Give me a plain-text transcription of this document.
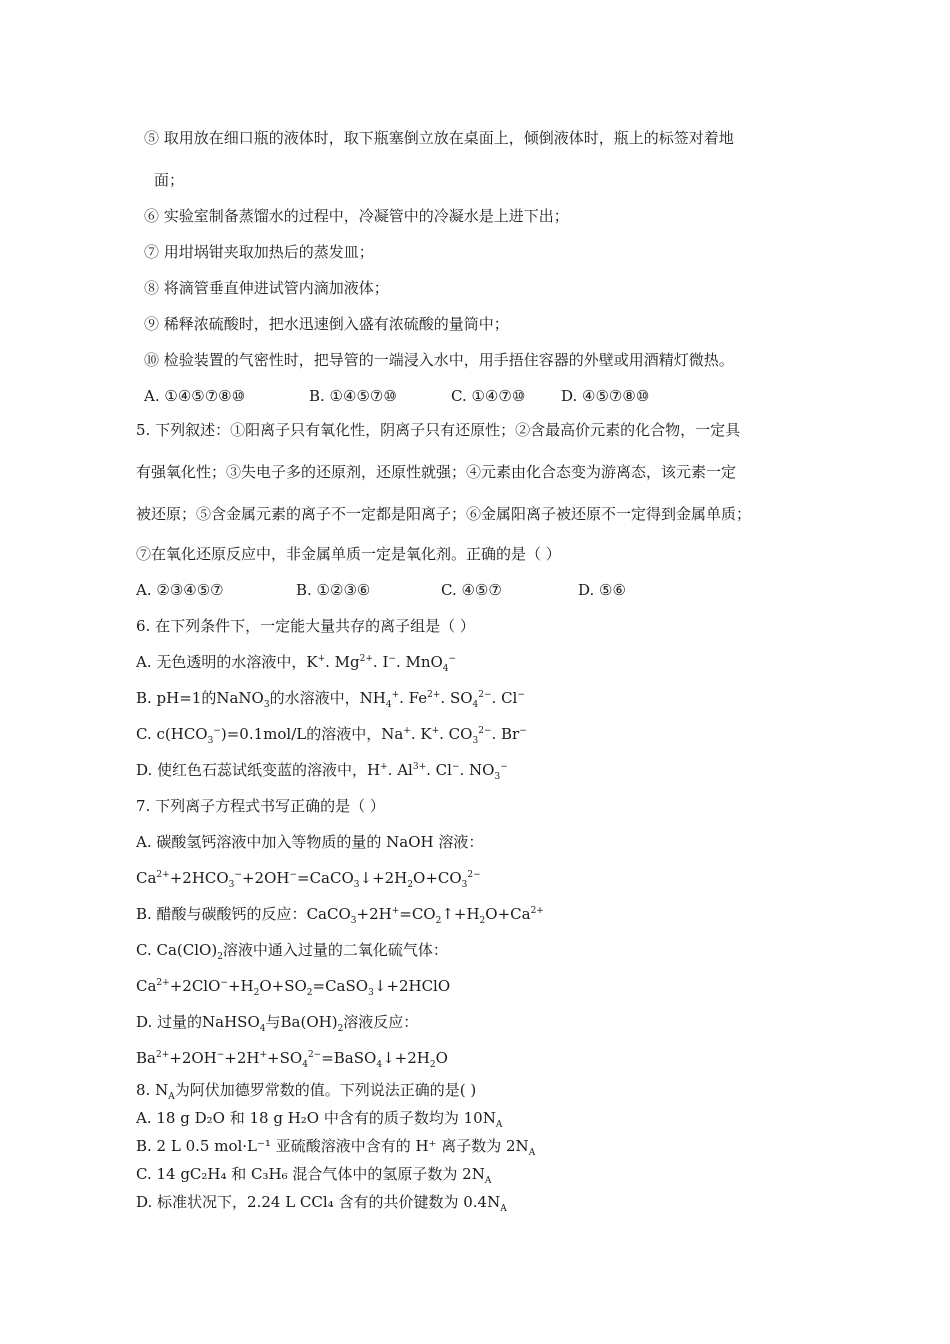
⑤ 取用放在细口瓶的液体时，取下瓶塞倒立放在桌面上，倾倒液体时，瓶上的标签对着地
面；
⑥ 实验室制备蒸馏水的过程中，冷凝管中的冷凝水是上进下出；
⑦ 用坩埚钳夹取加热后的蒸发皿；
⑧ 将滴管垂直伸进试管内滴加液体；
⑨ 稀释浓硫酸时，把水迅速倒入盛有浓硫酸的量筒中；
⑩ 检验装置的气密性时，把导管的一端浸入水中，用手捂住容器的外壁或用酒精灯微热。
A. ①④⑤⑦⑧⑩	B. ①④⑤⑦⑩	C. ①④⑦⑩ D. ④⑤⑦⑧⑩
5. 下列叙述：①阳离子只有氧化性，阴离子只有还原性；②含最高价元素的化合物，一定具
有强氧化性；③失电子多的还原剂，还原性就强；④元素由化合态变为游离态，该元素一定
被还原；⑤含金属元素的离子不一定都是阳离子；⑥金属阳离子被还原不一定得到金属单质；
⑦在氧化还原反应中，非金属单质一定是氧化剂。正确的是（ ）
A. ②③④⑤⑦	B. ①②③⑥	C. ④⑤⑦	D. ⑤⑥
6. 在下列条件下，一定能大量共存的离子组是（ ）
A. 无色透明的水溶液中，K+. $Mg^{2+}$. I−. MnO$_4$−
B. pH=1的NaNO$_3$的水溶液中，$NH_4^+$. $Fe^{2+}$. $SO_4^{2-}$. Cl−
C. $c(HCO_3^-)=0.1mol/L$的溶液中，Na+. K+. $CO_3^{2-}$. Br−
D. 使红色石蕊试纸变蓝的溶液中，H+. $Al^{3+}$. Cl−. $NO_3^-$
7. 下列离子方程式书写正确的是（ ）
A. 碳酸氢钙溶液中加入等物质的量的 NaOH 溶液：
$Ca^{2+}+2HCO_3^-+2OH^-=CaCO_3↓+2H_2O+CO_3^{2-}$
B. 醋酸与碳酸钙的反应：$CaCO_3+2H^+=CO_2↑+H_2O+Ca^{2+}$
C. $Ca(ClO)_2$溶液中通入过量的二氧化硫气体：
$Ca^{2+}+2ClO^-+H_2O+SO_2=CaSO_3↓+2HClO$
D. 过量的NaHSO$_4$与$Ba(OH)_2$溶液反应：
$Ba^{2+}+2OH^-+2H^++SO_4^{2-}=BaSO_4↓+2H_2O$
8. $N_A$为阿伏加德罗常数的值。下列说法正确的是( )
A. 18 g D₂O 和 18 g H₂O 中含有的质子数均为 $10N_A$
B. 2 L 0.5 mol·L⁻¹ 亚硫酸溶液中含有的 H⁺ 离子数为 $2N_A$
C. 14 gC₂H₄ 和 C₃H₆ 混合气体中的氢原子数为 $2N_A$
D. 标准状况下，2.24 L CCl₄ 含有的共价键数为 $0.4N_A$
